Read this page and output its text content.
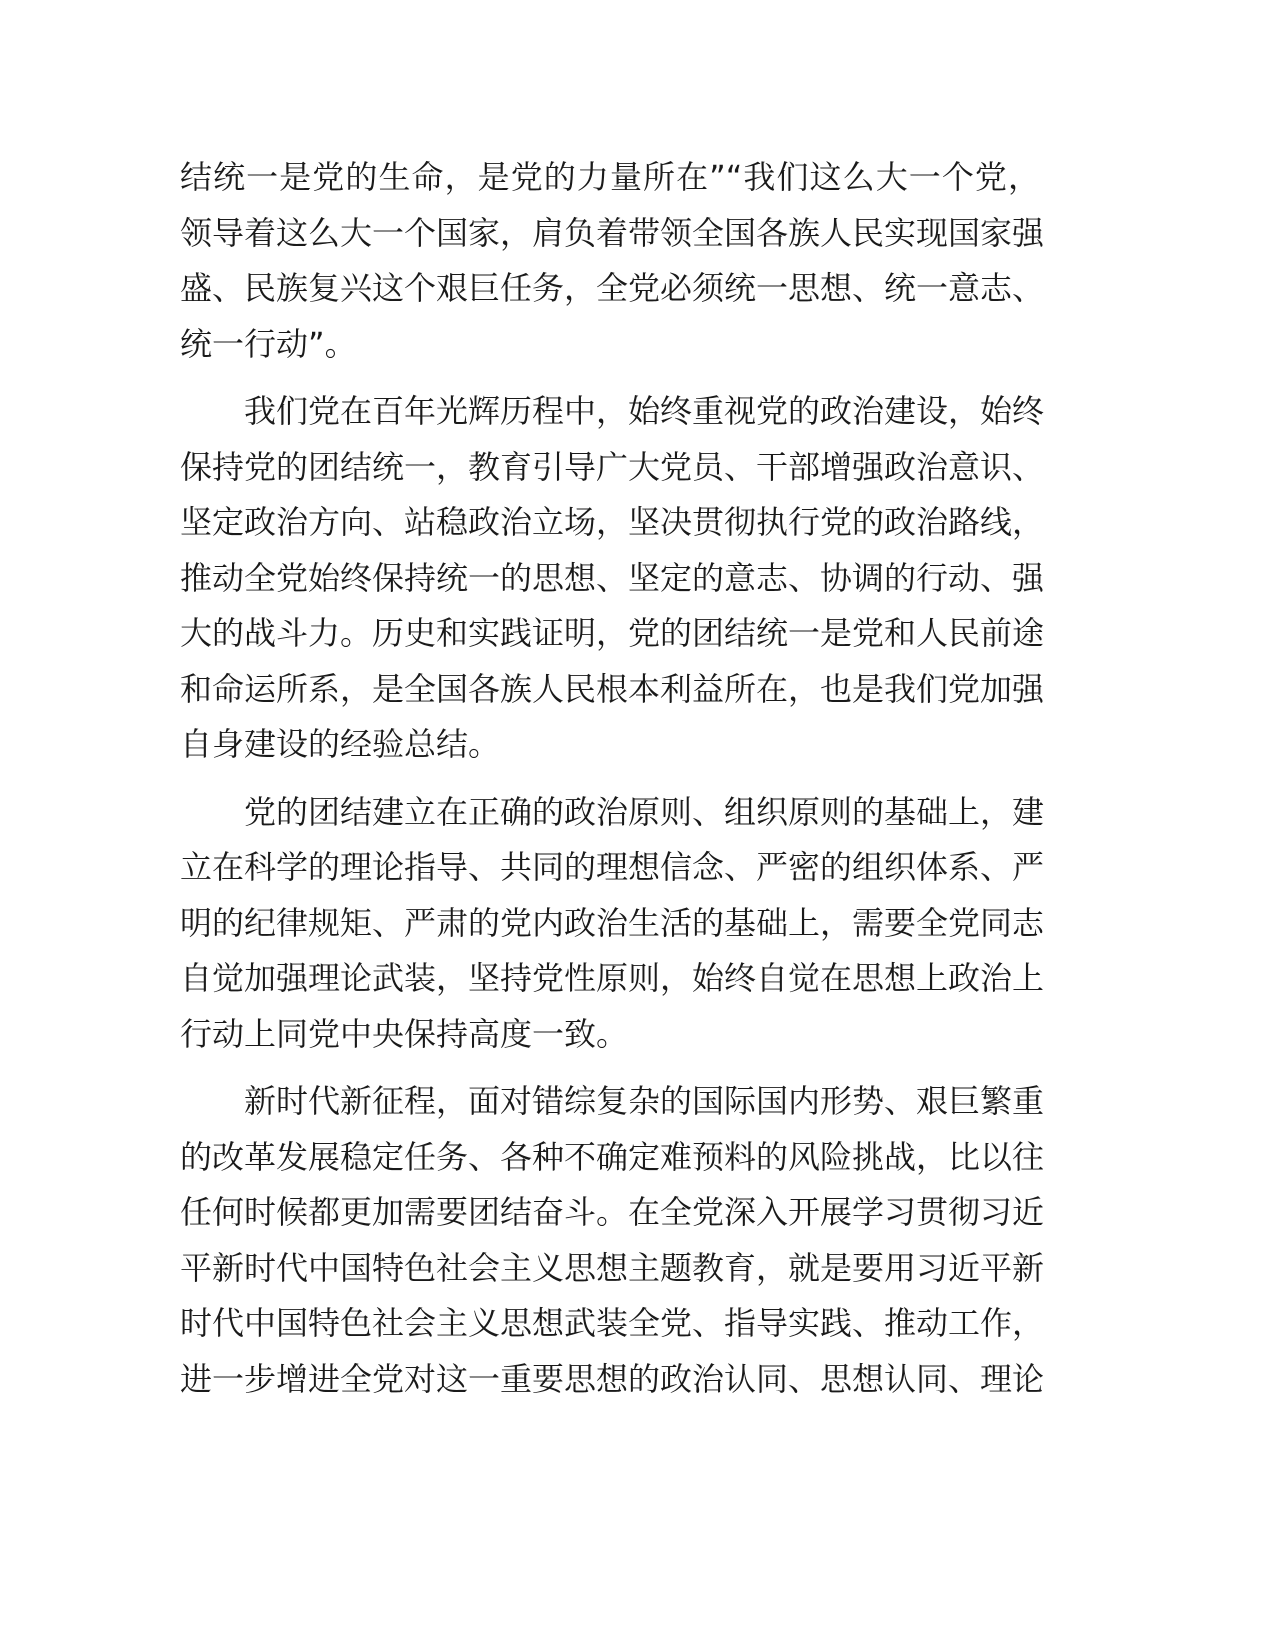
结统一是党的生命，是党的力量所在”“我们这么大一个党，
领导着这么大一个国家，肩负着带领全国各族人民实现国家强
盛、民族复兴这个艰巨任务，全党必须统一思想、统一意志、
统一行动”。
我们党在百年光辉历程中，始终重视党的政治建设，始终
保持党的团结统一，教育引导广大党员、干部增强政治意识、
坚定政治方向、站稳政治立场，坚决贯彻执行党的政治路线，
推动全党始终保持统一的思想、坚定的意志、协调的行动、强
大的战斗力。历史和实践证明，党的团结统一是党和人民前途
和命运所系，是全国各族人民根本利益所在，也是我们党加强
自身建设的经验总结。
党的团结建立在正确的政治原则、组织原则的基础上，建
立在科学的理论指导、共同的理想信念、严密的组织体系、严
明的纪律规矩、严肃的党内政治生活的基础上，需要全党同志
自觉加强理论武装，坚持党性原则，始终自觉在思想上政治上
行动上同党中央保持高度一致。
新时代新征程，面对错综复杂的国际国内形势、艰巨繁重
的改革发展稳定任务、各种不确定难预料的风险挑战，比以往
任何时候都更加需要团结奋斗。在全党深入开展学习贯彻习近
平新时代中国特色社会主义思想主题教育，就是要用习近平新
时代中国特色社会主义思想武装全党、指导实践、推动工作，
进一步增进全党对这一重要思想的政治认同、思想认同、理论
